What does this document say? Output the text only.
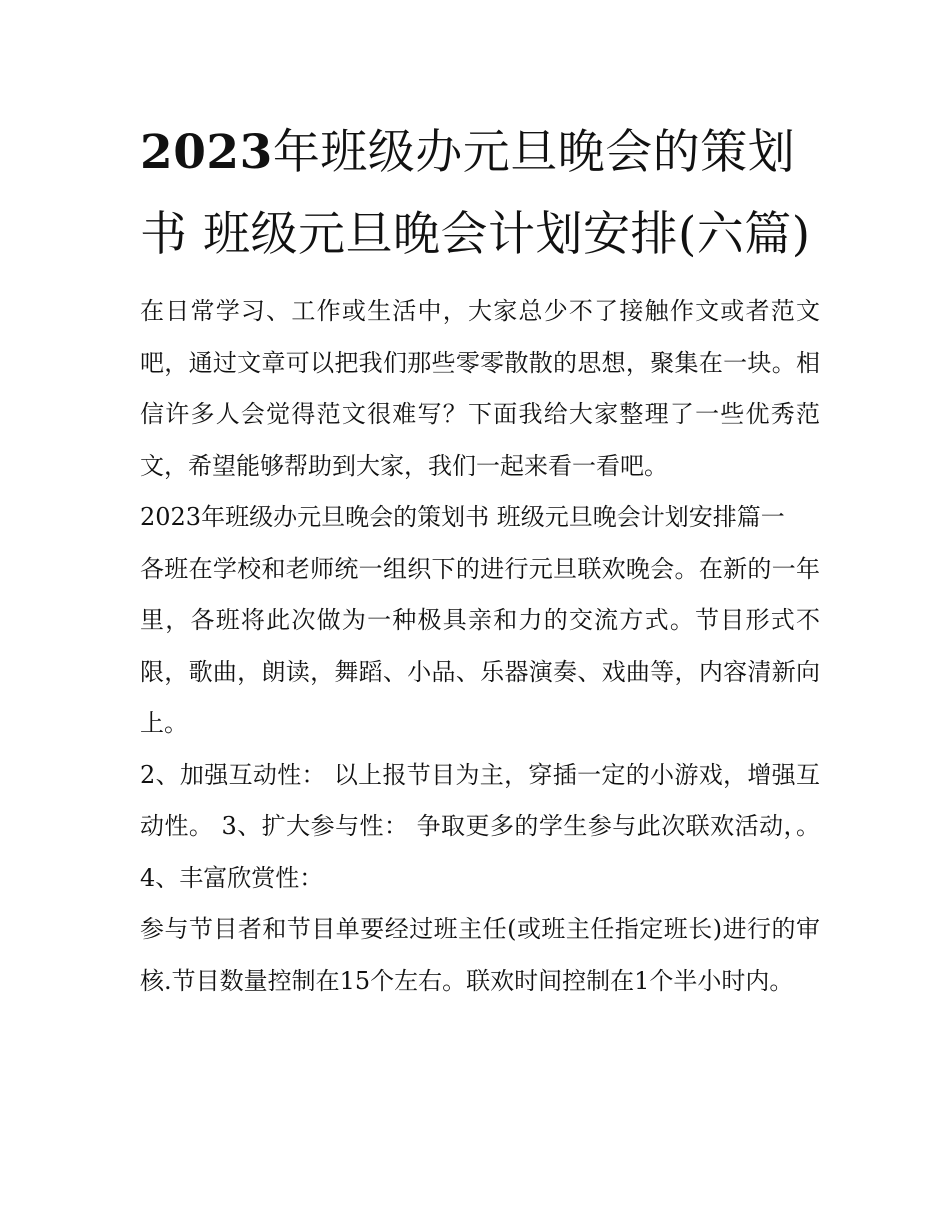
2023年班级办元旦晚会的策划书 班级元旦晚会计划安排(六篇)

在日常学习、工作或生活中，大家总少不了接触作文或者范文吧，通过文章可以把我们那些零零散散的思想，聚集在一块。相信许多人会觉得范文很难写？下面我给大家整理了一些优秀范文，希望能够帮助到大家，我们一起来看一看吧。

2023年班级办元旦晚会的策划书 班级元旦晚会计划安排篇一

各班在学校和老师统一组织下的进行元旦联欢晚会。在新的一年里，各班将此次做为一种极具亲和力的交流方式。节目形式不限，歌曲，朗读，舞蹈、小品、乐器演奏、戏曲等，内容清新向上。

2、加强互动性： 以上报节目为主，穿插一定的小游戏，增强互动性。 3、扩大参与性： 争取更多的学生参与此次联欢活动，。 4、丰富欣赏性：

参与节目者和节目单要经过班主任(或班主任指定班长)进行的审核.节目数量控制在15个左右。联欢时间控制在1个半小时内。
